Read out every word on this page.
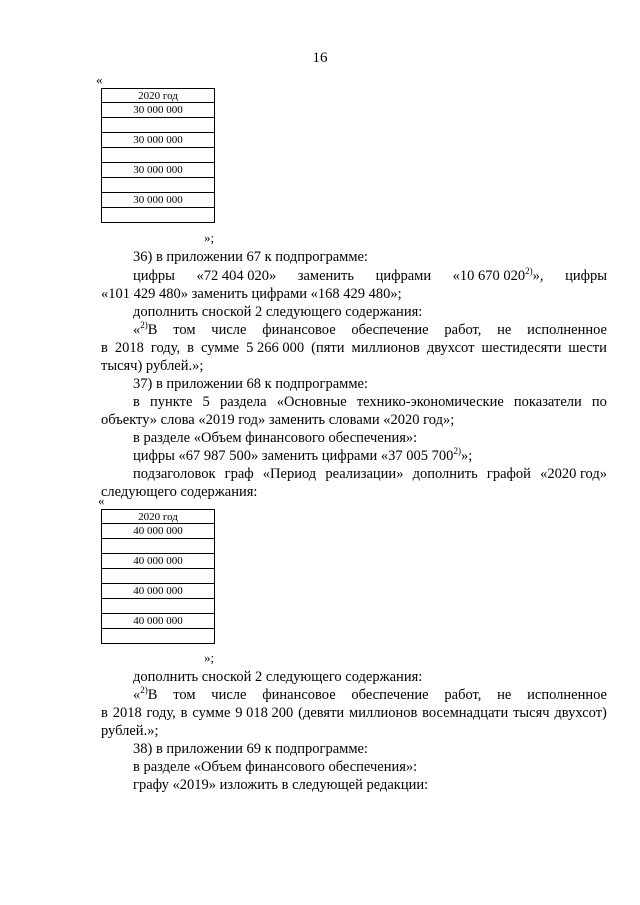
16
«
2020 год
30 000 000

30 000 000

30 000 000

30 000 000

»;
36) в приложении 67 к подпрограмме:
цифры «72 404 020» заменить цифрами «10 670 020$^{2)}$», цифры
«101 429 480» заменить цифрами «168 429 480»;
дополнить сноской 2 следующего содержания:
«$^{2)}$В том числе финансовое обеспечение работ, не исполненное
в 2018 году, в сумме 5 266 000 (пяти миллионов двухсот шестидесяти шести
тысяч) рублей.»;
37) в приложении 68 к подпрограмме:
в пункте 5 раздела «Основные технико-экономические показатели по
объекту» слова «2019 год» заменить словами «2020 год»;
в разделе «Объем финансового обеспечения»:
цифры «67 987 500» заменить цифрами «37 005 700$^{2)}$»;
подзаголовок граф «Период реализации» дополнить графой «2020 год»
следующего содержания:
«
2020 год
40 000 000

40 000 000

40 000 000

40 000 000

»;
дополнить сноской 2 следующего содержания:
«$^{2)}$В том числе финансовое обеспечение работ, не исполненное
в 2018 году, в сумме 9 018 200 (девяти миллионов восемнадцати тысяч двухсот)
рублей.»;
38) в приложении 69 к подпрограмме:
в разделе «Объем финансового обеспечения»:
графу «2019» изложить в следующей редакции:
